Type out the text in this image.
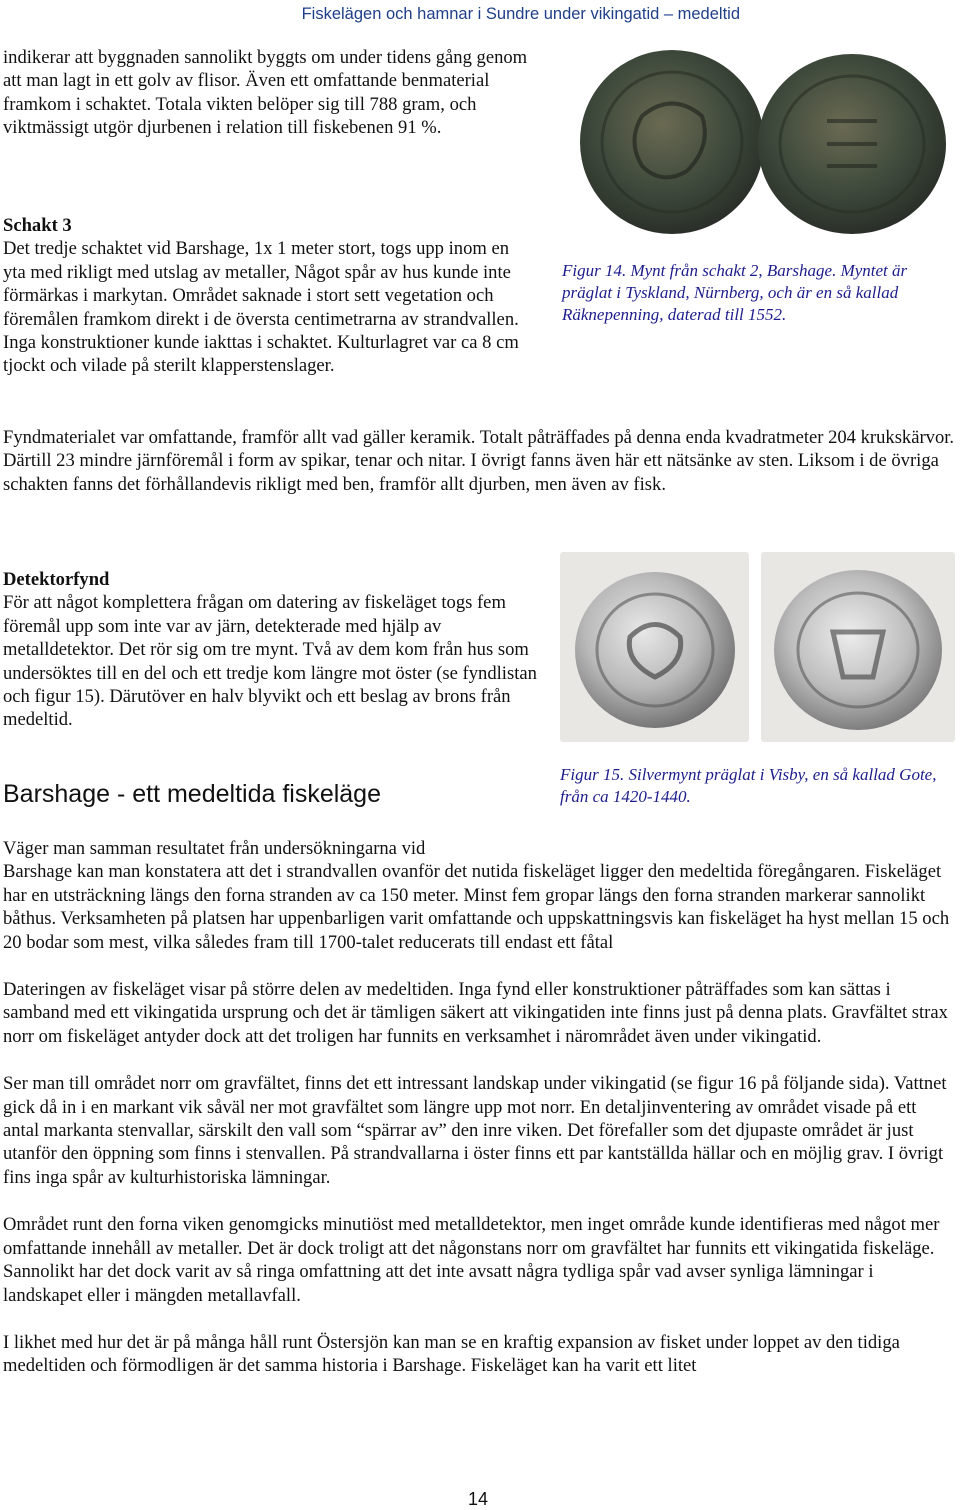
Fiskelägen och hamnar i Sundre under vikingatid – medeltid

indikerar att byggnaden sannolikt byggts om under tidens gång genom att man lagt in ett golv av flisor. Även ett omfattande benmaterial framkom i schaktet. Totala vikten belöper sig till 788 gram, och viktmässigt utgör djurbenen i relation till fiskebenen 91 %.

Schakt 3

Det tredje schaktet vid Barshage, 1x 1 meter stort, togs upp inom en yta med rikligt med utslag av metaller, Något spår av hus kunde inte förmärkas i markytan. Området saknade i stort sett vegetation och föremålen framkom direkt i de översta centimetrarna av strandvallen. Inga konstruktioner kunde iakttas i schaktet. Kulturlagret var ca 8 cm tjockt och vilade på sterilt klapperstenslager.

Figur 14. Mynt från schakt 2, Barshage. Myntet är präglat i Tyskland, Nürnberg, och är en så kallad Räknepenning, daterad till 1552.

Fyndmaterialet var omfattande, framför allt vad gäller keramik. Totalt påträffades på denna enda kvadratmeter 204 krukskärvor. Därtill 23 mindre järnföremål i form av spikar, tenar och nitar. I övrigt fanns även här ett nätsänke av sten. Liksom i de övriga schakten fanns det förhållandevis rikligt med ben, framför allt djurben, men även av fisk.

Detektorfynd

För att något komplettera frågan om datering av fiskeläget togs fem föremål upp som inte var av järn, detekterade med hjälp av metalldetektor. Det rör sig om tre mynt. Två av dem kom från hus som undersöktes till en del och ett tredje kom längre mot öster (se fyndlistan och figur 15). Därutöver en halv blyvikt och ett beslag av brons från medeltid.

Figur 15. Silvermynt präglat i Visby, en så kallad Gote, från ca 1420-1440.

Barshage - ett medeltida fiskeläge
Väger man samman resultatet från undersökningarna vid

Barshage kan man konstatera att det i strandvallen ovanför det nutida fiskeläget ligger den medeltida föregångaren. Fiskeläget har en utsträckning längs den forna stranden av ca 150 meter. Minst fem gropar längs den forna stranden markerar sannolikt båthus. Verksamheten på platsen har uppenbarligen varit omfattande och uppskattningsvis kan fiskeläget ha hyst mellan 15 och 20 bodar som mest, vilka således fram till 1700-talet reducerats till endast ett fåtal

Dateringen av fiskeläget visar på större delen av medeltiden. Inga fynd eller konstruktioner påträffades som kan sättas i samband med ett vikingatida ursprung och det är tämligen säkert att vikingatiden inte finns just på denna plats. Gravfältet strax norr om fiskeläget antyder dock att det troligen har funnits en verksamhet i närområdet även under vikingatid.

Ser man till området norr om gravfältet, finns det ett intressant landskap under vikingatid (se figur 16 på följande sida). Vattnet gick då in i en markant vik såväl ner mot gravfältet som längre upp mot norr. En detaljinventering av området visade på ett antal markanta stenvallar, särskilt den vall som “spärrar av” den inre viken. Det förefaller som det djupaste området är just utanför den öppning som finns i stenvallen. På strandvallarna i öster finns ett par kantställda hällar och en möjlig grav. I övrigt fins inga spår av kulturhistoriska lämningar.

Området runt den forna viken genomgicks minutiöst med metalldetektor, men inget område kunde identifieras med något mer omfattande innehåll av metaller. Det är dock troligt att det någonstans norr om gravfältet har funnits ett vikingatida fiskeläge. Sannolikt har det dock varit av så ringa omfattning att det inte avsatt några tydliga spår vad avser synliga lämningar i landskapet eller i mängden metallavfall.

I likhet med hur det är på många håll runt Östersjön kan man se en kraftig expansion av fisket under loppet av den tidiga medeltiden och förmodligen är det samma historia i Barshage. Fiskeläget kan ha varit ett litet

14
